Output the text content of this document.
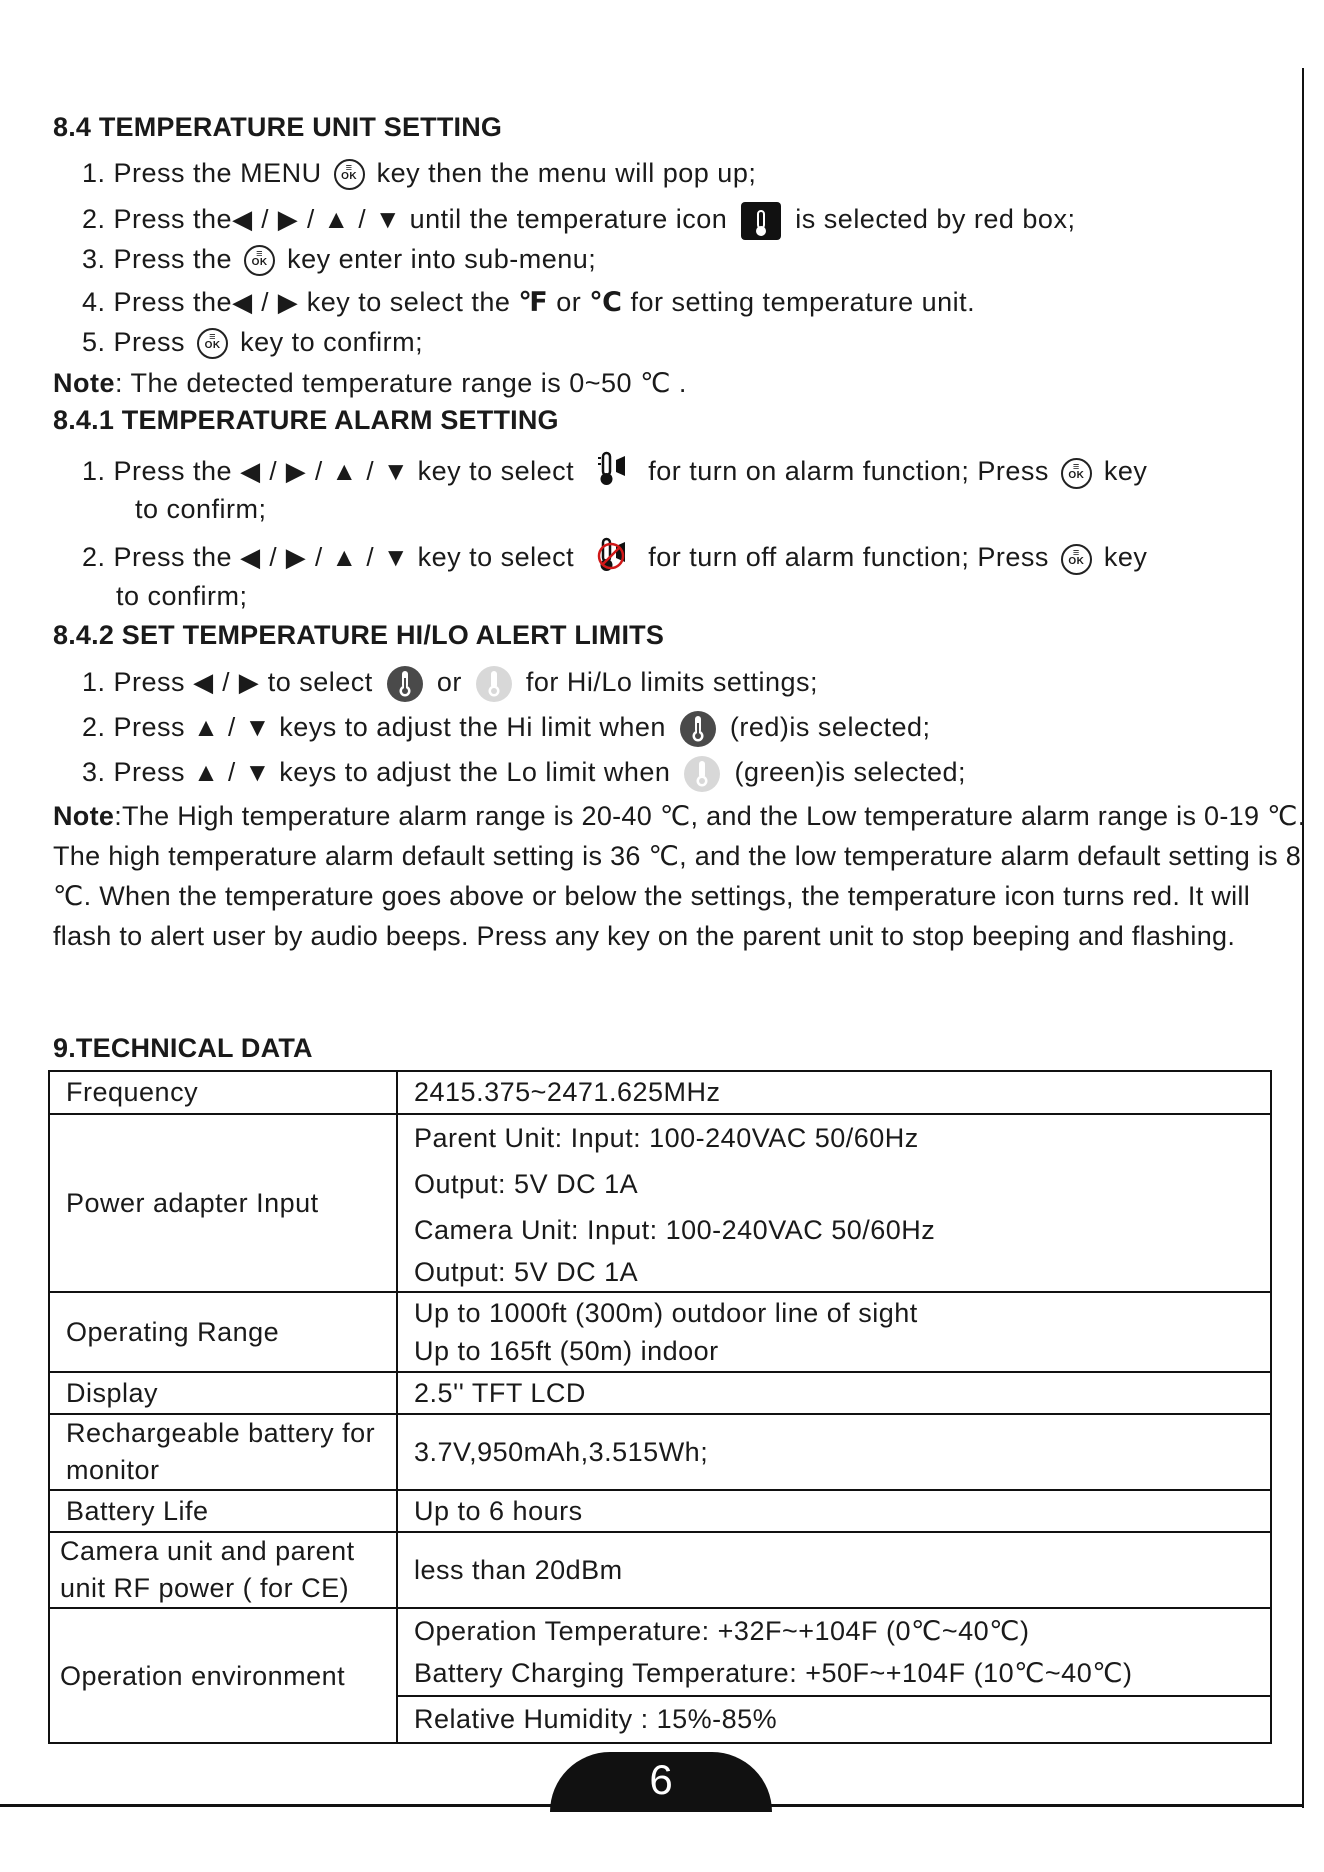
8.4 TEMPERATURE UNIT SETTING
1. Press the MENU	≡
OK key then the menu will pop up;
2. Press the◀ / ▶ / ▲ / ▼ until the temperature icon	is selected by red box;
3. Press the	≡
OK key enter into sub-menu;
4. Press the◀ / ▶ key to select the ℉ or ℃ for setting temperature unit.
5. Press	≡
OK key to confirm;
Note: The detected temperature range is 0~50 ℃ .
8.4.1 TEMPERATURE ALARM SETTING
1. Press the ◀ / ▶ / ▲ / ▼ key to select	for turn on alarm function; Press	≡
OK key
to confirm;
2. Press the ◀ / ▶ / ▲ / ▼ key to select	for turn off alarm function; Press	≡
OK key
to confirm;
8.4.2 SET TEMPERATURE HI/LO ALERT LIMITS
1. Press ◀ / ▶ to select or for Hi/Lo limits settings;
2. Press ▲ / ▼ keys to adjust the Hi limit when (red)is selected;
3. Press ▲ / ▼ keys to adjust the Lo limit when (green)is selected;
Note:The High temperature alarm range is 20-40 ℃, and the Low temperature alarm range is 0-19 ℃. The high temperature alarm default setting is 36 ℃, and the low temperature alarm default setting is 8 ℃. When the temperature goes above or below the settings, the temperature icon turns red. It will flash to alert user by audio beeps. Press any key on the parent unit to stop beeping and flashing.
9.TECHNICAL DATA
Frequency	2415.375~2471.625MHz
Power adapter Input	Parent Unit: Input: 100-240VAC 50/60Hz
Output: 5V DC 1A
Camera Unit: Input: 100-240VAC 50/60Hz
Output: 5V DC 1A

Operating Range	Up to 1000ft (300m) outdoor line of sight
Up to 165ft (50m) indoor

Display	2.5'' TFT LCD
Rechargeable battery for monitor	3.7V,950mAh,3.515Wh;
Battery Life	Up to 6 hours
Camera unit and parent unit RF power ( for CE)	less than 20dBm
Operation environment	Operation Temperature: +32F~+104F (0℃~40℃)
Battery Charging Temperature: +50F~+104F (10℃~40℃)

	Relative Humidity : 15%-85%
6
